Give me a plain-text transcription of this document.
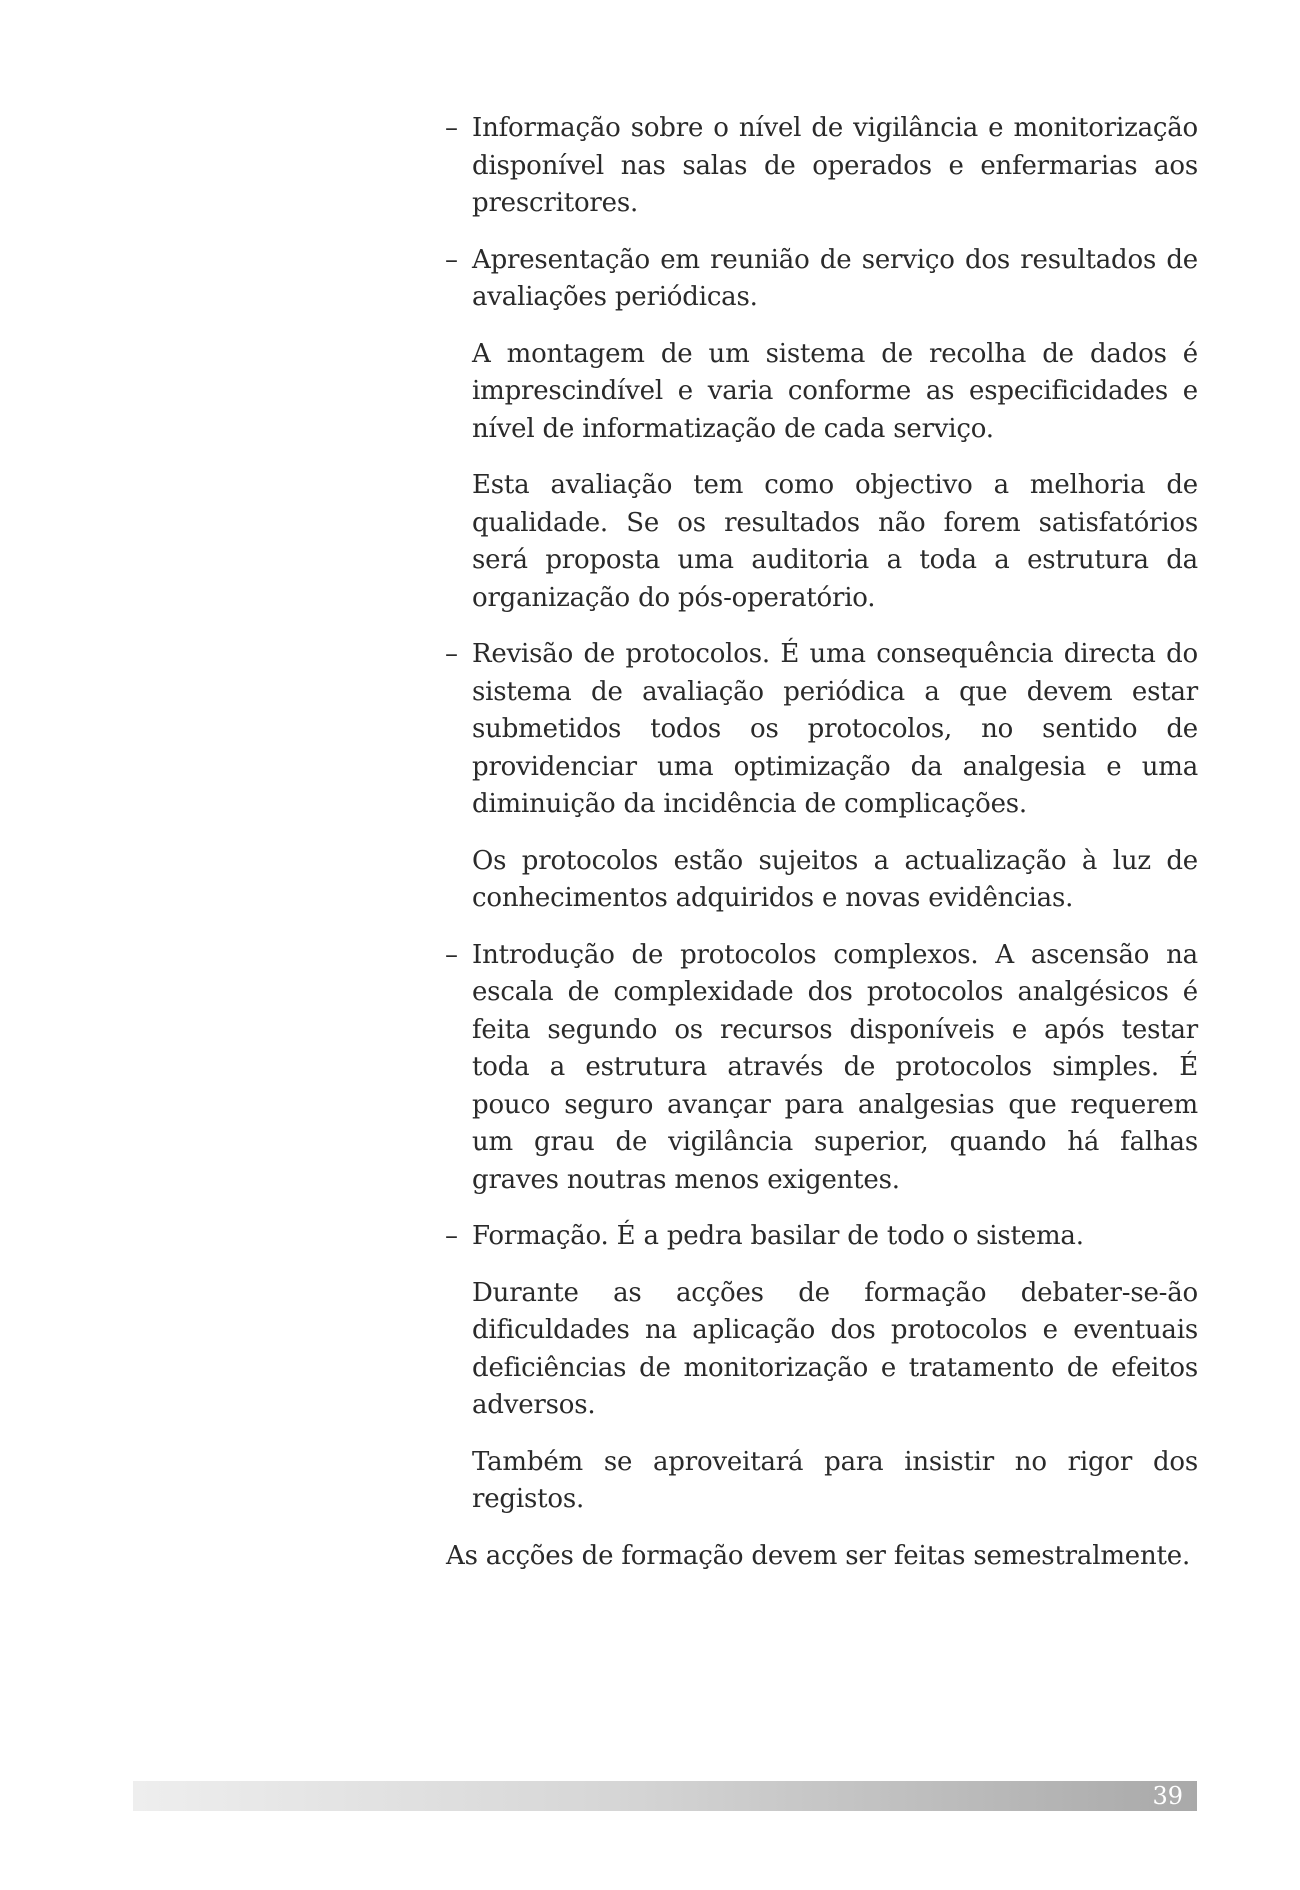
– Informação sobre o nível de vigilância e monitorização disponível nas salas de operados e enfermarias aos prescritores.

– Apresentação em reunião de serviço dos resultados de avaliações periódicas.

A montagem de um sistema de recolha de dados é imprescindível e varia conforme as especificidades e nível de informatização de cada serviço.

Esta avaliação tem como objectivo a melhoria de qualidade. Se os resultados não forem satisfatórios será proposta uma auditoria a toda a estrutura da organização do pós-operatório.

– Revisão de protocolos. É uma consequência directa do sistema de avaliação periódica a que devem estar submetidos todos os protocolos, no sentido de providenciar uma optimização da analgesia e uma diminuição da incidência de complicações.

Os protocolos estão sujeitos a actualização à luz de conhecimentos adquiridos e novas evidências.

– Introdução de protocolos complexos. A ascensão na escala de complexidade dos protocolos analgésicos é feita segundo os recursos disponíveis e após testar toda a estrutura através de protocolos simples. É pouco seguro avançar para analgesias que requerem um grau de vigilância superior, quando há falhas graves noutras menos exigentes.

– Formação. É a pedra basilar de todo o sistema.

Durante as acções de formação debater-se-ão dificuldades na aplicação dos protocolos e eventuais deficiências de monitorização e tratamento de efeitos adversos.

Também se aproveitará para insistir no rigor dos registos.

As acções de formação devem ser feitas semestralmente.

39
